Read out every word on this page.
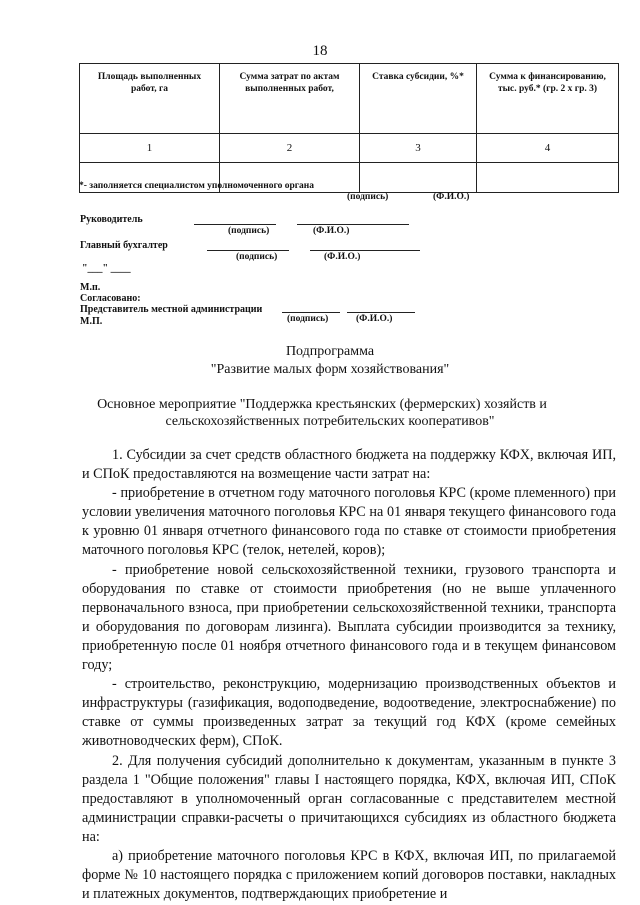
18
Площадь выполненных работ, га	Сумма затрат по актам выполненных работ,	Ставка субсидии, %*	Сумма к финансированию, тыс. руб.* (гр. 2 х гр. 3)
1	2	3	4

*- заполняется специалистом уполномоченного органа
(подпись)	(Ф.И.О.)
Руководитель
(подпись)	(Ф.И.О.)
Главный бухгалтер
(подпись)	(Ф.И.О.)
"___" ____
М.п.
Согласовано:
Представитель местной администрации
М.П.	(подпись)	(Ф.И.О.)
Подпрограмма
"Развитие малых форм хозяйствования"
Основное мероприятие "Поддержка крестьянских (фермерских) хозяйств и
сельскохозяйственных потребительских кооперативов"

1. Субсидии за счет средств областного бюджета на поддержку КФХ, включая ИП, и СПоК предоставляются на возмещение части затрат на:

- приобретение в отчетном году маточного поголовья КРС (кроме племенного) при условии увеличения маточного поголовья КРС на 01 января текущего финансового года к уровню 01 января отчетного финансового года по ставке от стоимости приобретения маточного поголовья КРС (телок, нетелей, коров);

- приобретение новой сельскохозяйственной техники, грузового транспорта и оборудования по ставке от стоимости приобретения (но не выше уплаченного первоначального взноса, при приобретении сельскохозяйственной техники, транспорта и оборудования по договорам лизинга). Выплата субсидии производится за технику, приобретенную после 01 ноября отчетного финансового года и в текущем финансовом году;

- строительство, реконструкцию, модернизацию производственных объектов и инфраструктуры (газификация, водоподведение, водоотведение, электроснабжение) по ставке от суммы произведенных затрат за текущий год КФХ (кроме семейных животноводческих ферм), СПоК.

2. Для получения субсидий дополнительно к документам, указанным в пункте 3 раздела 1 "Общие положения" главы I настоящего порядка, КФХ, включая ИП, СПоК предоставляют в уполномоченный орган согласованные с представителем местной администрации справки-расчеты о причитающихся субсидиях из областного бюджета на:

а) приобретение маточного поголовья КРС в КФХ, включая ИП, по прилагаемой форме № 10 настоящего порядка с приложением копий договоров поставки, накладных и платежных документов, подтверждающих приобретение и
